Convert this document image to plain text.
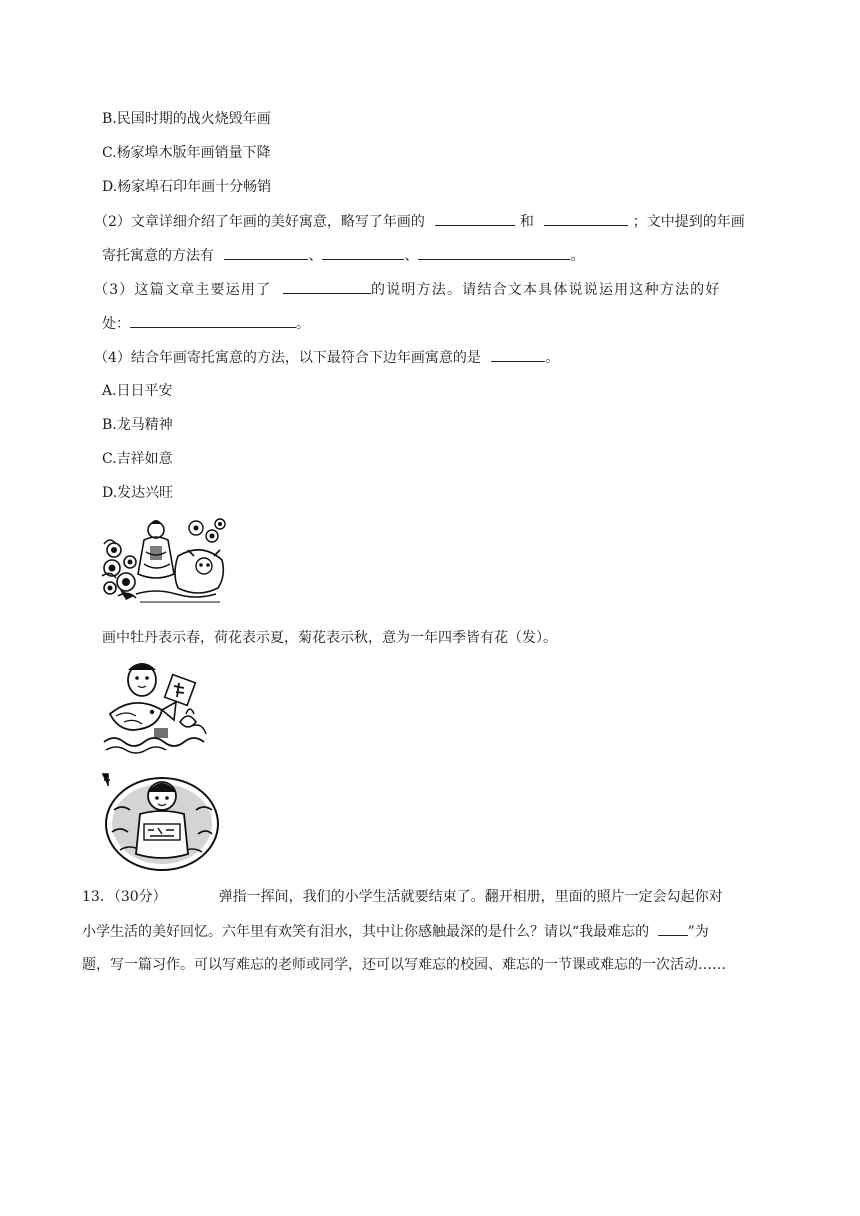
B.民国时期的战火烧毁年画
C.杨家埠木版年画销量下降
D.杨家埠石印年画十分畅销
（2）文章详细介绍了年画的美好寓意，略写了年画的	和	；文中提到的年画
寄托寓意的方法有	、	、	。
（3）这篇文章主要运用了	的说明方法。请结合文本具体说说运用这种方法的好
处：	。
（4）结合年画寄托寓意的方法，以下最符合下边年画寓意的是	。
A.日日平安
B.龙马精神
C.吉祥如意
D.发达兴旺
画中牡丹表示春，荷花表示夏，菊花表示秋，意为一年四季皆有花（发）。
13．（30分）	弹指一挥间，我们的小学生活就要结束了。翻开相册，里面的照片一定会勾起你对
小学生活的美好回忆。六年里有欢笑有泪水，其中让你感触最深的是什么？请以“我最难忘的	”为
题，写一篇习作。可以写难忘的老师或同学，还可以写难忘的校园、难忘的一节课或难忘的一次活动……
